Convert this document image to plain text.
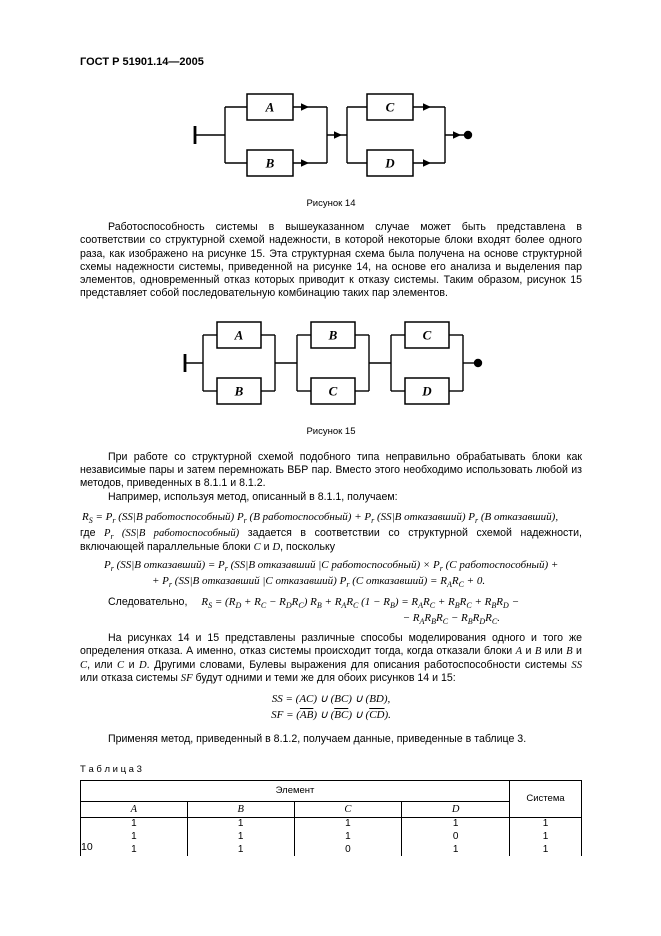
ГОСТ Р 51901.14—2005
A
B
C
D
Рисунок 14

Работоспособность системы в вышеуказанном случае может быть представлена в соответствии со структурной схемой надежности, в которой некоторые блоки входят более одного раза, как изображено на рисунке 15. Эта структурная схема была получена на основе структурной схемы надежности системы, приведенной на рисунке 14, на основе его анализа и выделения пар элементов, одновременный отказ которых приводит к отказу системы. Таким образом, рисунок 15 представляет собой последовательную комбинацию таких пар элементов.

A
B
B
C
C
D
Рисунок 15

При работе со структурной схемой подобного типа неправильно обрабатывать блоки как независимые пары и затем перемножать ВБР пар. Вместо этого необходимо использовать любой из методов, приведенных в 8.1.1 и 8.1.2.

Например, используя метод, описанный в 8.1.1, получаем:

$R_S = P_r$ (SS|B работоспособный) $P_r$ (B работоспособный) + $P_r$ (SS|B отказавший) $P_r$ (B отказавший),

где $P_r$ (SS|B работоспособный) задается в соответствии со структурной схемой надежности, включающей параллельные блоки C и D, поскольку

$P_r$ (SS|B отказавший) = $P_r$ (SS|B отказавший |C работоспособный) × $P_r$ (C работоспособный) +
+ $P_r$ (SS|B отказавший |C отказавший) $P_r$ (C отказавший) = $R_AR_C + 0$.
Следовательно, $R_S = (R_D + R_C - R_DR_C) R_B + R_AR_C$ $(1 - R_B) = R_AR_C + R_BR_C + R_BR_D$ −
− $R_AR_BR_C - R_BR_DR_C$.

На рисунках 14 и 15 представлены различные способы моделирования одного и того же определения отказа. А именно, отказ системы происходит тогда, когда отказали блоки A и B или B и C, или C и D. Другими словами, Булевы выражения для описания работоспособности системы SS или отказа системы SF будут одними и теми же для обоих рисунков 14 и 15:

SS = (AC) ∪ (BC) ∪ (BD),
SF = $(\overline{AB})$ ∪ $(\overline{BC})$ ∪ $(\overline{CD})$.

Применяя метод, приведенный в 8.1.2, получаем данные, приведенные в таблице 3.

Т а б л и ц а 3
Элемент				Система
A	B	C	D	
1	1	1	1	1
1	1	1	0	1
1	1	0	1	1
10
